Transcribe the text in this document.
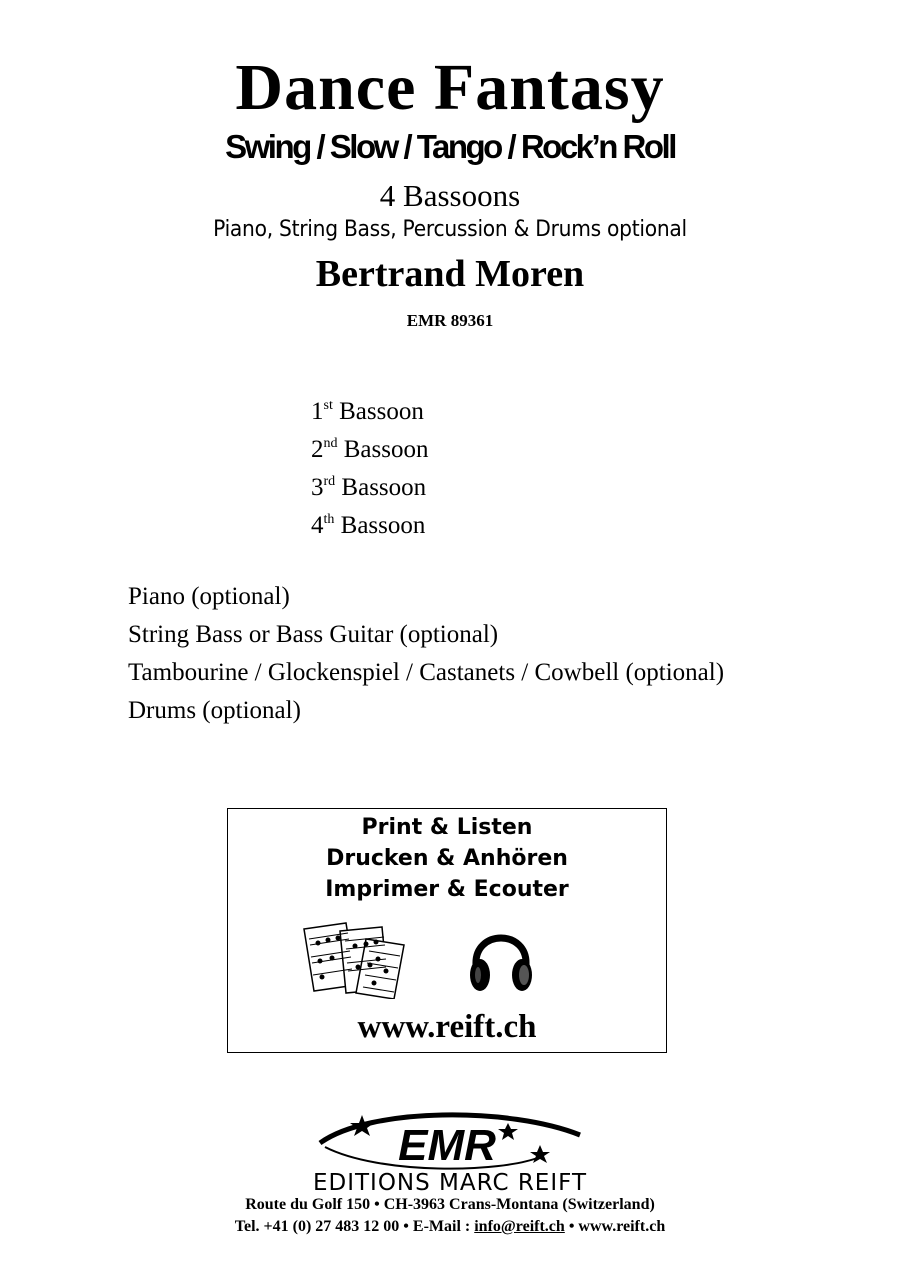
Dance Fantasy
Swing / Slow / Tango / Rock’n Roll
4 Bassoons
Piano, String Bass, Percussion & Drums optional
Bertrand Moren
EMR 89361
1st Bassoon
2nd Bassoon
3rd Bassoon
4th Bassoon
Piano (optional)
String Bass or Bass Guitar (optional)
Tambourine / Glockenspiel / Castanets / Cowbell (optional)
Drums (optional)
Print & Listen
Drucken & Anhören
Imprimer & Ecouter
www.reift.ch
EMR
EDITIONS MARC REIFT
Route du Golf 150 • CH-3963 Crans-Montana (Switzerland)
Tel. +41 (0) 27 483 12 00 • E-Mail : info@reift.ch • www.reift.ch
